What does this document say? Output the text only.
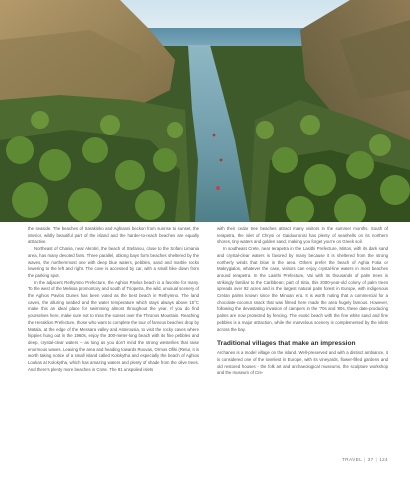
the seaside. The beaches of Sarakinko and Aghianni beckon from sunrise to sunset, the interior, wildly beautiful part of the island and the harder-to-reach beaches are equally attractive.

Northeast of Chania, near Akrotiri, the beach of Stefanou, close to the Sofani Limania area, has many devoted fans. Three parallel, oblong bays form beaches sheltered by the waves, the northernmost one with deep blue waters, pebbles, sand and marble rocks lowering to the left and right. The cove is accessed by car, with a small hike down from the parking spot.

In the adjacent Rethymno Prefecture, the Aghios Pavlos beach is a favorite for many. To the west of the Melissa promontory and south of Triopetra, the wild, unusual scenery of the Aghios Pavlos Dunes has been voted as the best beach in Rethymno. The land caves, the alluring seabed and the water temperature which stays always above 15°C make this an ideal place for swimming almost throughout the year. If you do find yourselves here, make sure not to miss the sunset over the Thronos Mountain. Reaching the Heraklion Prefecture, those who want to complete the tour of famous beaches drop by Matala, at the edge of the Messara valley and Asterousia, to visit the rocky caves where hippies hung out in the 1960s, enjoy the 300-meter-long beach with its fine pebbles and deep, crystal-clear waters – as long as you don't mind the strong westerlies that raise enormous waves. Leaving the area and heading towards Rouvas, Ormos Ofiki (Retur, it is worth taking notice of a small island called Kolokytha and especially the beach of Aghios Loukas at Kolokytha, which has amazing waters and plenty of shade from the olive trees. And there's plenty more beaches in Crete. The 81 unspoiled islets

with their cedar tree beaches attract many visitors in the summer months. South of Ierapetra, the islet of Chrysi or Gaidouronisi has plenty of seashells on its northern shores, tiny waters and golden sand, making you forget you're on Greek soil.

In southeast Crete, near Ierapetra in the Lasithi Prefecture, Mirtos, with its dark sand and crystal-clear waters is favored by many because it is sheltered from the strong northerly winds that blow in the area. Others prefer the beach of Aghia Fotia or Makrygialos, whatever the case, visitors can enjoy crystal-line waters in most beaches around Ierapetra. In the Lasithi Prefecture, Vai with its thousands of palm trees is strikingly familiar to the Caribbean; part of Sitia, this 2000-year-old colony of palm trees spreads over 92 acres and is the largest natural palm forest in Europe, with indigenous Cretan palms known since the Minoan era. It is worth noting that a commercial for a chocolate-coconut snack that was filmed here made the area hugely famous. However, following the devastating invasion of campers in the '70s and '80s, these date-producing palms are now protected by fencing. The exotic beach with the fine white sand and fine pebbles is a major attraction, while the marvelous scenery is complemented by the islets across the bay.

Traditional villages that make an impression

Archanes is a model village on the island. Well-preserved and with a distinct ambiance, it is considered one of the loveliest in Europe, with its vineyards, flower-filled gardens and old restored houses - the folk art and archaeological museums, the sculpture workshop and the museum of Cre-

TRAVEL | 37 | 124
